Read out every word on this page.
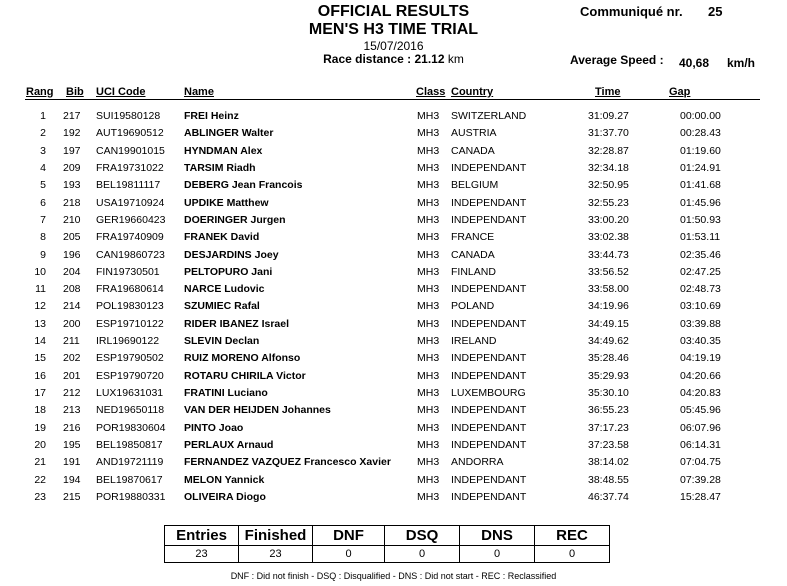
OFFICIAL RESULTS
MEN'S H3 TIME TRIAL
15/07/2016
Race distance : 21.12 km
Communiqué nr. 25
Average Speed : 40,68 km/h
Rang Bib UCI Code	Name	Class Country	Time	Gap
1 217 SUI19580128 FREI Heinz	MH3 SWITZERLAND	31:09.27	00:00.00
2 192 AUT19690512 ABLINGER Walter	MH3 AUSTRIA	31:37.70	00:28.43
3 197 CAN19901015 HYNDMAN Alex	MH3 CANADA	32:28.87	01:19.60
4 209 FRA19731022 TARSIM Riadh	MH3 INDEPENDANT	32:34.18	01:24.91
5 193 BEL19811117 DEBERG Jean Francois	MH3 BELGIUM	32:50.95	01:41.68
6 218 USA19710924 UPDIKE Matthew	MH3 INDEPENDANT	32:55.23	01:45.96
7 210 GER19660423 DOERINGER Jurgen	MH3 INDEPENDANT	33:00.20	01:50.93
8 205 FRA19740909 FRANEK David	MH3 FRANCE	33:02.38	01:53.11
9 196 CAN19860723 DESJARDINS Joey	MH3 CANADA	33:44.73	02:35.46
10 204 FIN19730501 PELTOPURO Jani	MH3 FINLAND	33:56.52	02:47.25
11 208 FRA19680614 NARCE Ludovic	MH3 INDEPENDANT	33:58.00	02:48.73
12 214 POL19830123 SZUMIEC Rafal	MH3 POLAND	34:19.96	03:10.69
13 200 ESP19710122 RIDER IBANEZ Israel	MH3 INDEPENDANT	34:49.15	03:39.88
14 211 IRL19690122 SLEVIN Declan	MH3 IRELAND	34:49.62	03:40.35
15 202 ESP19790502 RUIZ MORENO Alfonso	MH3 INDEPENDANT	35:28.46	04:19.19
16 201 ESP19790720 ROTARU CHIRILA Victor	MH3 INDEPENDANT	35:29.93	04:20.66
17 212 LUX19631031 FRATINI Luciano	MH3 LUXEMBOURG	35:30.10	04:20.83
18 213 NED19650118 VAN DER HEIJDEN Johannes	MH3 INDEPENDANT	36:55.23	05:45.96
19 216 POR19830604 PINTO Joao	MH3 INDEPENDANT	37:17.23	06:07.96
20 195 BEL19850817 PERLAUX Arnaud	MH3 INDEPENDANT	37:23.58	06:14.31
21 191 AND19721119 FERNANDEZ VAZQUEZ Francesco Xavier MH3 ANDORRA	38:14.02	07:04.75
22 194 BEL19870617 MELON Yannick	MH3 INDEPENDANT	38:48.55	07:39.28
23 215 POR19880331 OLIVEIRA Diogo	MH3 INDEPENDANT	46:37.74	15:28.47
Entries	Finished	DNF	DSQ	DNS	REC
23	23	0	0	0	0
DNF : Did not finish - DSQ : Disqualified - DNS : Did not start - REC : Reclassified
